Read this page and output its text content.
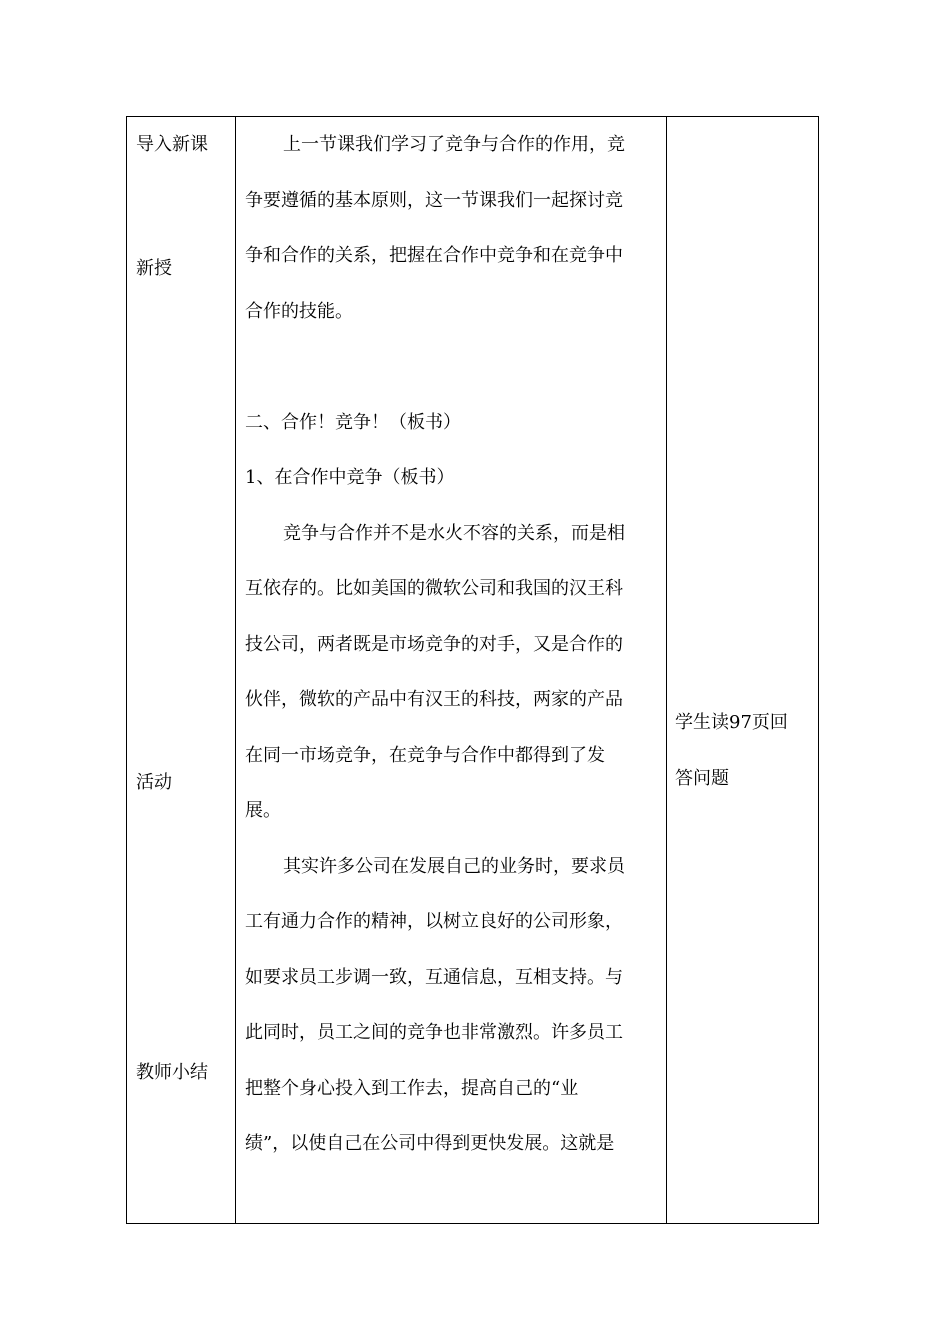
导入新课
新授
活动
教师小结

上一节课我们学习了竞争与合作的作用，竞

争要遵循的基本原则，这一节课我们一起探讨竞

争和合作的关系，把握在合作中竞争和在竞争中

合作的技能。

二、合作！竞争！（板书）

1、在合作中竞争（板书）

竞争与合作并不是水火不容的关系，而是相

互依存的。比如美国的微软公司和我国的汉王科

技公司，两者既是市场竞争的对手，又是合作的

伙伴，微软的产品中有汉王的科技，两家的产品

在同一市场竞争，在竞争与合作中都得到了发

展。

其实许多公司在发展自己的业务时，要求员

工有通力合作的精神，以树立良好的公司形象，

如要求员工步调一致，互通信息，互相支持。与

此同时，员工之间的竞争也非常激烈。许多员工

把整个身心投入到工作去，提高自己的“业

绩”，以使自己在公司中得到更快发展。这就是

学生读97页回

答问题
